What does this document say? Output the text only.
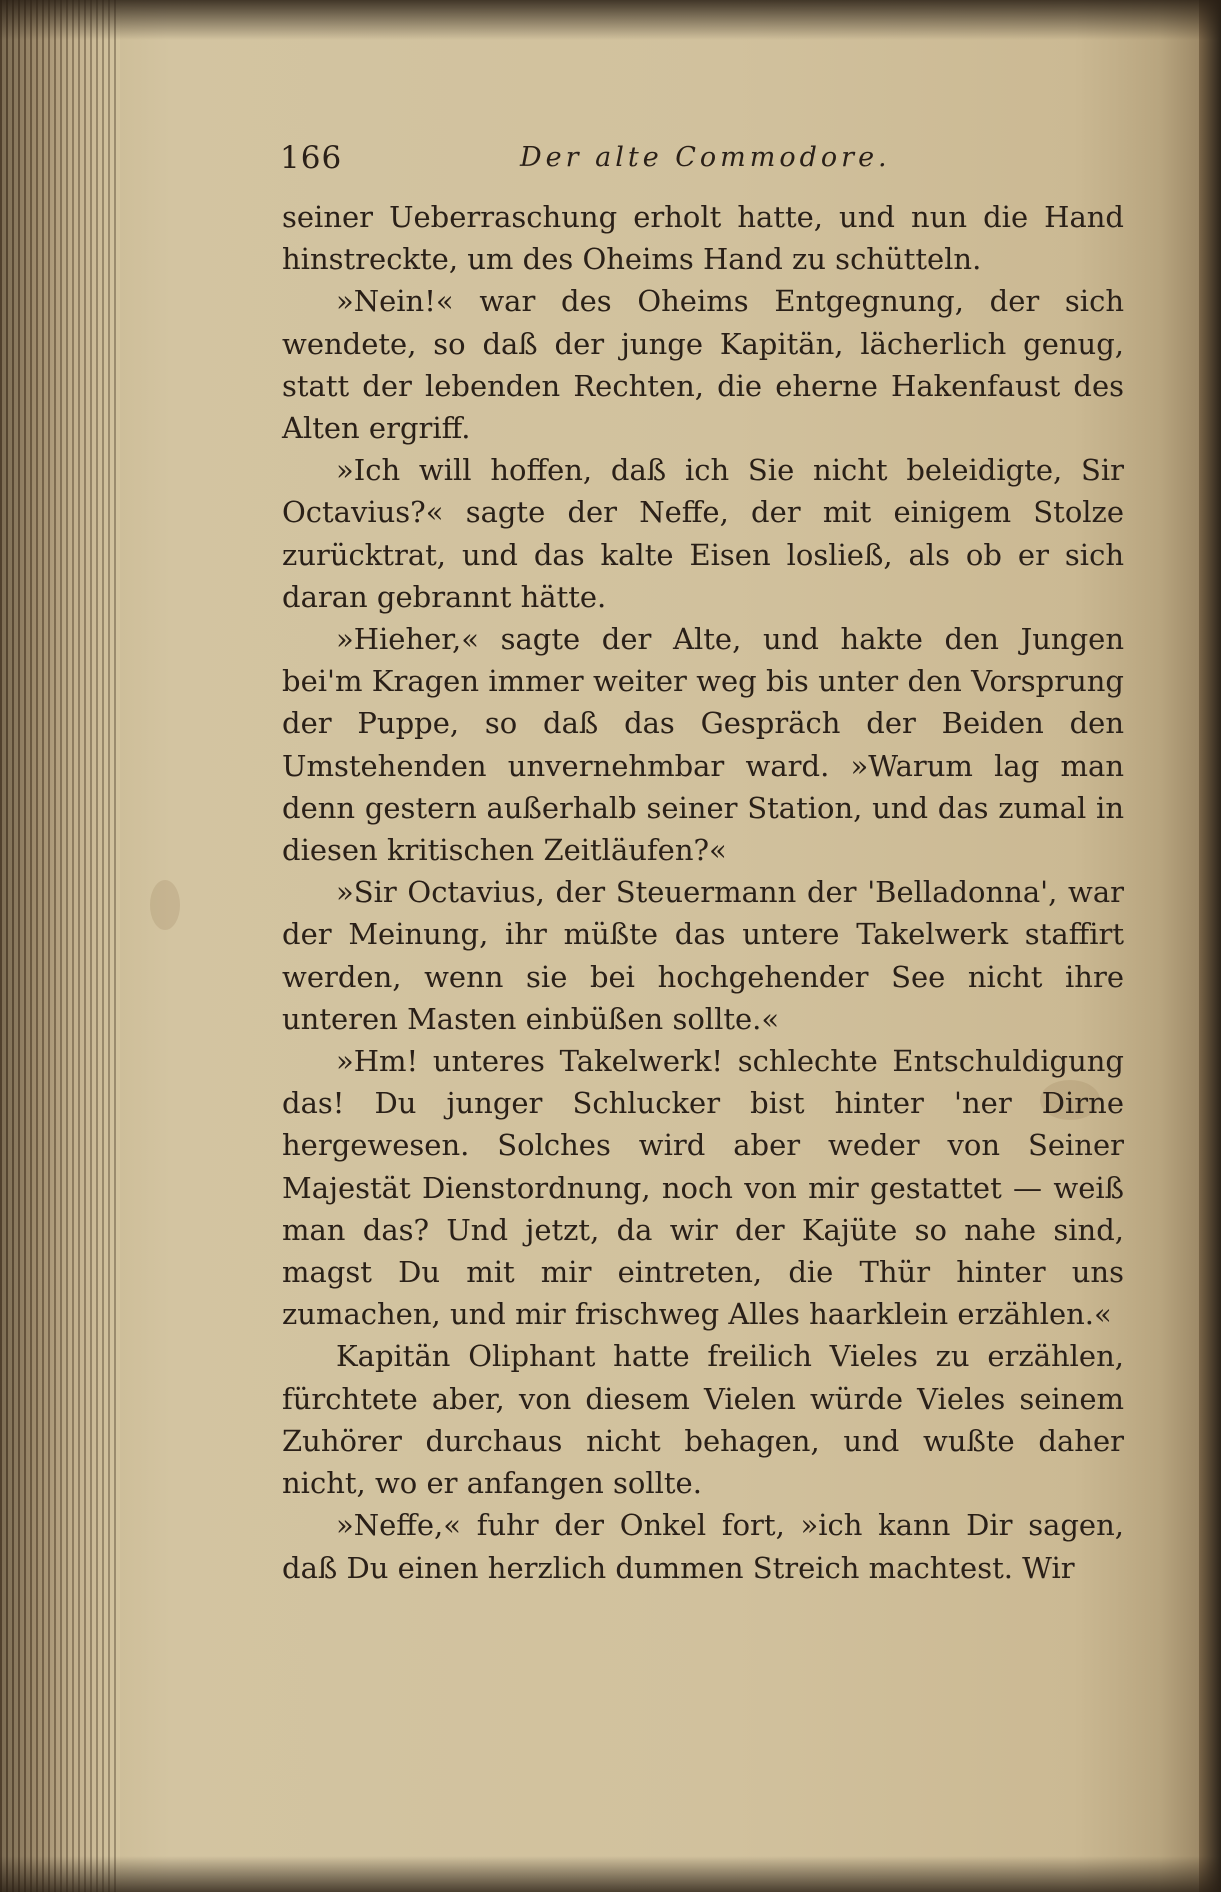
166	Der alte Commodore.

seiner Ueberraschung erholt hatte, und nun die Hand hinstreckte, um des Oheims Hand zu schütteln.

»Nein!« war des Oheims Entgegnung, der sich wendete, so daß der junge Kapitän, lächerlich genug, statt der lebenden Rechten, die eherne Hakenfaust des Alten ergriff.

»Ich will hoffen, daß ich Sie nicht beleidigte, Sir Octavius?« sagte der Neffe, der mit einigem Stolze zurücktrat, und das kalte Eisen losließ, als ob er sich daran gebrannt hätte.

»Hieher,« sagte der Alte, und hakte den Jungen bei'm Kragen immer weiter weg bis unter den Vorsprung der Puppe, so daß das Gespräch der Beiden den Umstehenden unvernehmbar ward. »Warum lag man denn gestern außerhalb seiner Station, und das zumal in diesen kritischen Zeitläufen?«

»Sir Octavius, der Steuermann der 'Belladonna', war der Meinung, ihr müßte das untere Takelwerk staffirt werden, wenn sie bei hochgehender See nicht ihre unteren Masten einbüßen sollte.«

»Hm! unteres Takelwerk! schlechte Entschuldigung das! Du junger Schlucker bist hinter 'ner Dirne hergewesen. Solches wird aber weder von Seiner Majestät Dienstordnung, noch von mir gestattet — weiß man das? Und jetzt, da wir der Kajüte so nahe sind, magst Du mit mir eintreten, die Thür hinter uns zumachen, und mir frischweg Alles haarklein erzählen.«

Kapitän Oliphant hatte freilich Vieles zu erzählen, fürchtete aber, von diesem Vielen würde Vieles seinem Zuhörer durchaus nicht behagen, und wußte daher nicht, wo er anfangen sollte.

»Neffe,« fuhr der Onkel fort, »ich kann Dir sagen, daß Du einen herzlich dummen Streich machtest. Wir
